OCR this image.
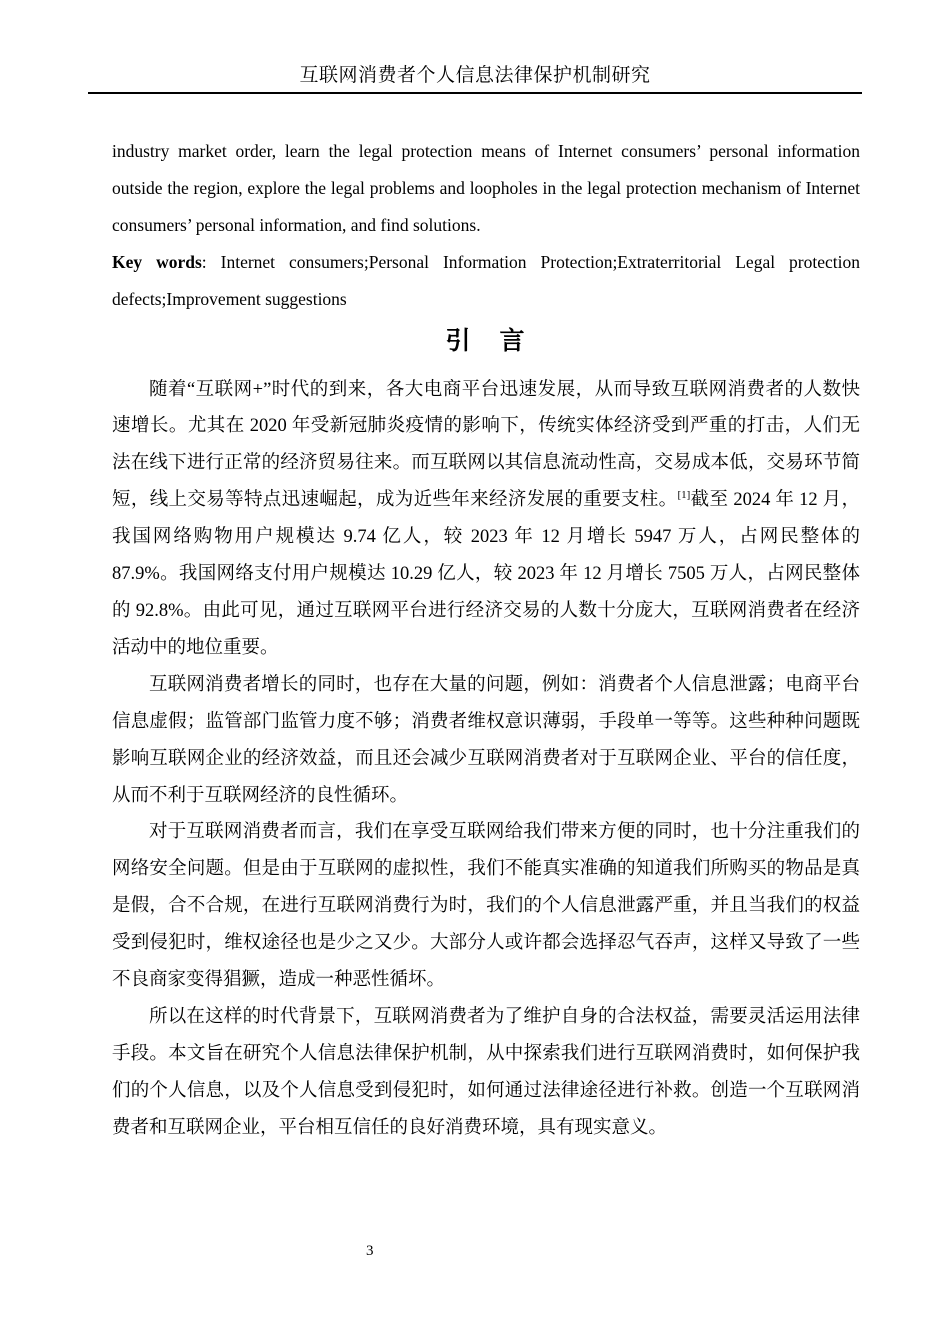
互联网消费者个人信息法律保护机制研究

industry market order, learn the legal protection means of Internet consumers’ personal information outside the region, explore the legal problems and loopholes in the legal protection mechanism of Internet consumers’ personal information, and find solutions.

Key words: Internet consumers;Personal Information Protection;Extraterritorial Legal protection defects;Improvement suggestions

引　言

随着“互联网+”时代的到来，各大电商平台迅速发展，从而导致互联网消费者的人数快速增长。尤其在 2020 年受新冠肺炎疫情的影响下，传统实体经济受到严重的打击，人们无法在线下进行正常的经济贸易往来。而互联网以其信息流动性高，交易成本低，交易环节简短，线上交易等特点迅速崛起，成为近些年来经济发展的重要支柱。[1]截至 2024 年 12 月，我国网络购物用户规模达 9.74 亿人，较 2023 年 12 月增长 5947 万人，占网民整体的 87.9%。我国网络支付用户规模达 10.29 亿人，较 2023 年 12 月增长 7505 万人，占网民整体的 92.8%。由此可见，通过互联网平台进行经济交易的人数十分庞大，互联网消费者在经济活动中的地位重要。

互联网消费者增长的同时，也存在大量的问题，例如：消费者个人信息泄露；电商平台信息虚假；监管部门监管力度不够；消费者维权意识薄弱，手段单一等等。这些种种问题既影响互联网企业的经济效益，而且还会减少互联网消费者对于互联网企业、平台的信任度，从而不利于互联网经济的良性循环。

对于互联网消费者而言，我们在享受互联网给我们带来方便的同时，也十分注重我们的网络安全问题。但是由于互联网的虚拟性，我们不能真实准确的知道我们所购买的物品是真是假，合不合规，在进行互联网消费行为时，我们的个人信息泄露严重，并且当我们的权益受到侵犯时，维权途径也是少之又少。大部分人或许都会选择忍气吞声，这样又导致了一些不良商家变得猖獗，造成一种恶性循坏。

所以在这样的时代背景下，互联网消费者为了维护自身的合法权益，需要灵活运用法律手段。本文旨在研究个人信息法律保护机制，从中探索我们进行互联网消费时，如何保护我们的个人信息，以及个人信息受到侵犯时，如何通过法律途径进行补救。创造一个互联网消费者和互联网企业，平台相互信任的良好消费环境，具有现实意义。

3
